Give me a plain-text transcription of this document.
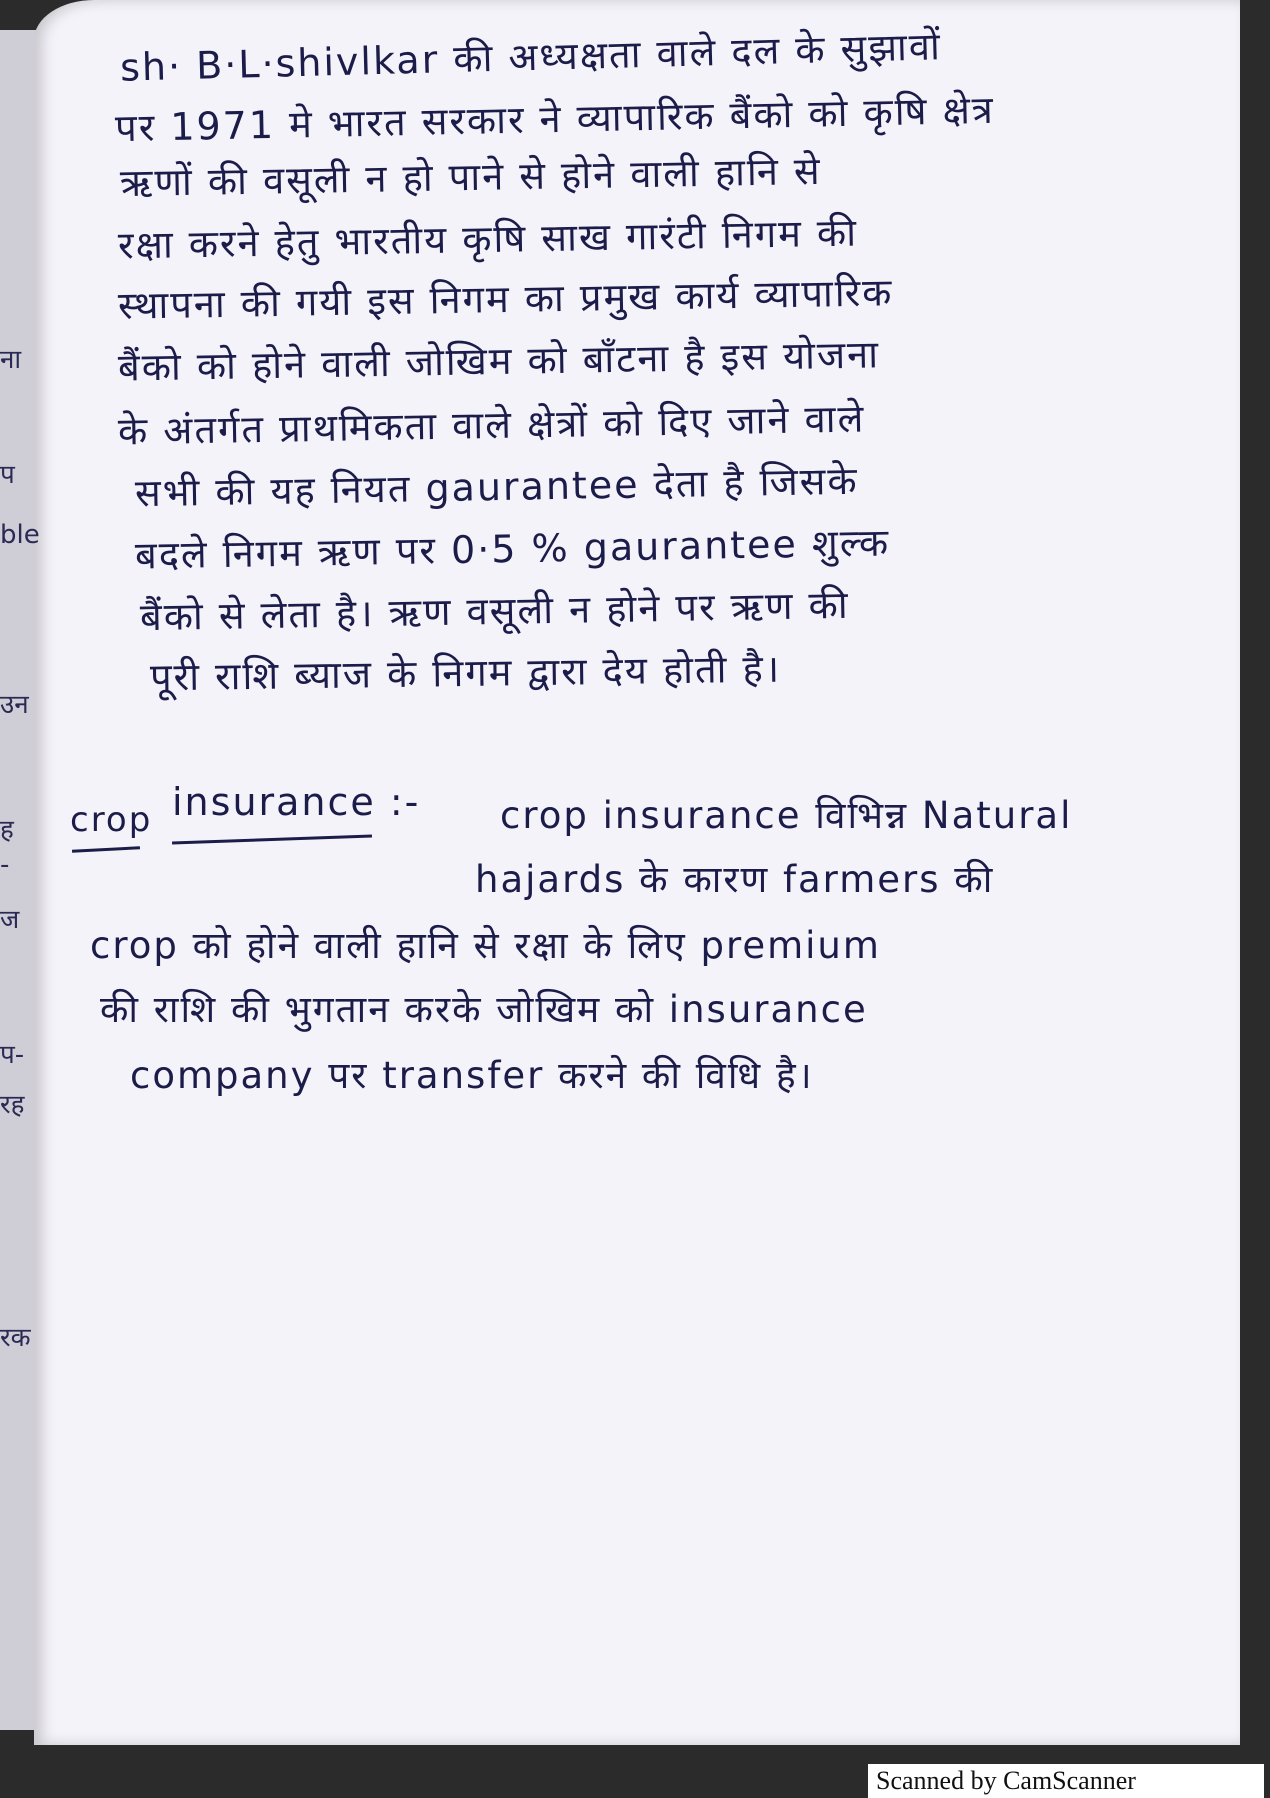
ना
प
ble
उन
ह
-
ज
प-
रह
रक
sh· B·L·shivlkar की अध्यक्षता वाले दल के सुझावों
पर 1971 मे भारत सरकार ने व्यापारिक बैंको को कृषि क्षेत्र
ऋणों की वसूली न हो पाने से होने वाली हानि से
रक्षा करने हेतु भारतीय कृषि साख गारंटी निगम की
स्थापना की गयी इस निगम का प्रमुख कार्य व्यापारिक
बैंको को होने वाली जोखिम को बाँटना है इस योजना
के अंतर्गत प्राथमिकता वाले क्षेत्रों को दिए जाने वाले
सभी की यह नियत gaurantee देता है जिसके
बदले निगम ऋण पर 0·5 % gaurantee शुल्क
बैंको से लेता है। ऋण वसूली न होने पर ऋण की
पूरी राशि ब्याज के निगम द्वारा देय होती है।
crop insurance :- crop insurance विभिन्न Natural
hajards के कारण farmers की
crop को होने वाली हानि से रक्षा के लिए premium
की राशि की भुगतान करके जोखिम को insurance
company पर transfer करने की विधि है।
Scanned by CamScanner
